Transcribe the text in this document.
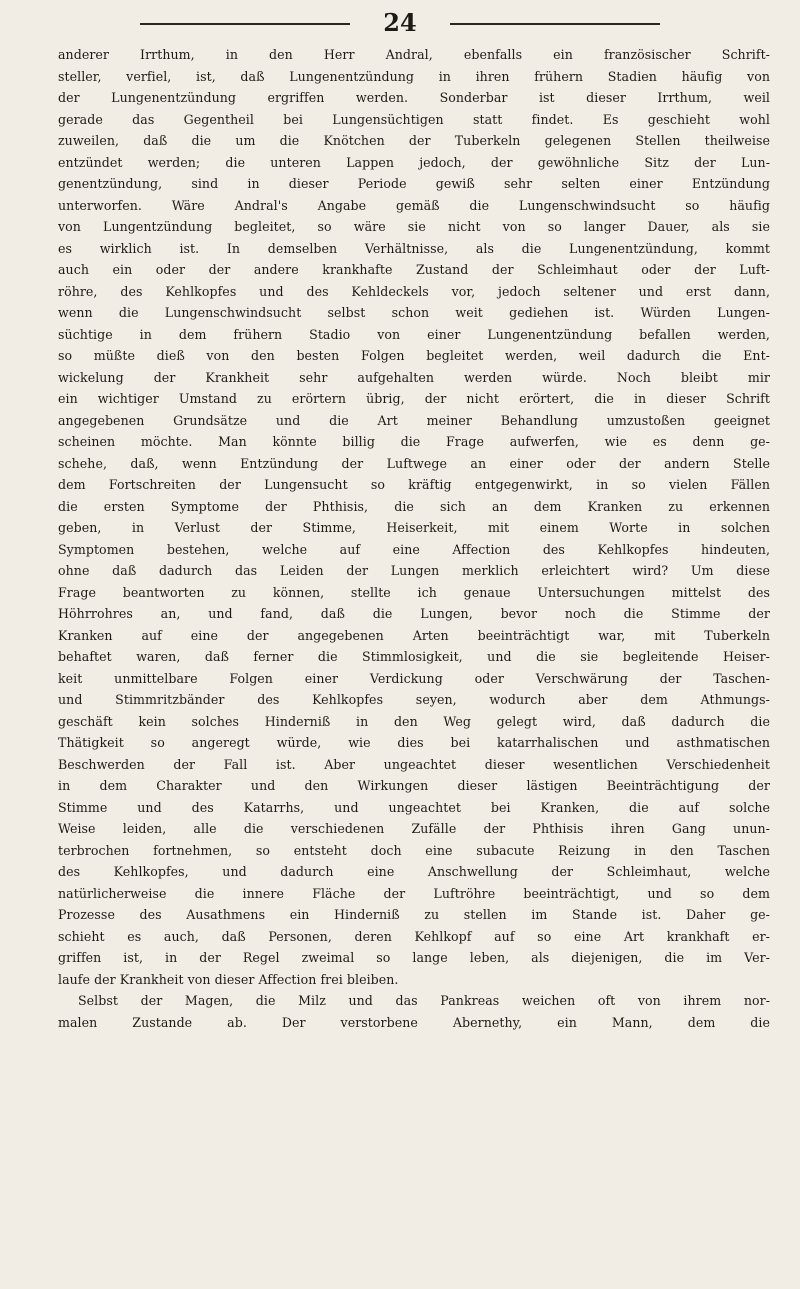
24
anderer Irrthum, in den Herr Andral, ebenfalls ein französischer Schrift-
steller, verfiel, ist, daß Lungenentzündung in ihren frühern Stadien häufig von
der Lungenentzündung ergriffen werden. Sonderbar ist dieser Irrthum, weil
gerade das Gegentheil bei Lungensüchtigen statt findet. Es geschieht wohl
zuweilen, daß die um die Knötchen der Tuberkeln gelegenen Stellen theilweise
entzündet werden; die unteren Lappen jedoch, der gewöhnliche Sitz der Lun-
genentzündung, sind in dieser Periode gewiß sehr selten einer Entzündung
unterworfen. Wäre Andral's Angabe gemäß die Lungenschwindsucht so häufig
von Lungentzündung begleitet, so wäre sie nicht von so langer Dauer, als sie
es wirklich ist. In demselben Verhältnisse, als die Lungenentzündung, kommt
auch ein oder der andere krankhafte Zustand der Schleimhaut oder der Luft-
röhre, des Kehlkopfes und des Kehldeckels vor, jedoch seltener und erst dann,
wenn die Lungenschwindsucht selbst schon weit gediehen ist. Würden Lungen-
süchtige in dem frühern Stadio von einer Lungenentzündung befallen werden,
so müßte dieß von den besten Folgen begleitet werden, weil dadurch die Ent-
wickelung der Krankheit sehr aufgehalten werden würde. Noch bleibt mir
ein wichtiger Umstand zu erörtern übrig, der nicht erörtert, die in dieser Schrift
angegebenen Grundsätze und die Art meiner Behandlung umzustoßen geeignet
scheinen möchte. Man könnte billig die Frage aufwerfen, wie es denn ge-
schehe, daß, wenn Entzündung der Luftwege an einer oder der andern Stelle
dem Fortschreiten der Lungensucht so kräftig entgegenwirkt, in so vielen Fällen
die ersten Symptome der Phthisis, die sich an dem Kranken zu erkennen
geben, in Verlust der Stimme, Heiserkeit, mit einem Worte in solchen
Symptomen bestehen, welche auf eine Affection des Kehlkopfes hindeuten,
ohne daß dadurch das Leiden der Lungen merklich erleichtert wird? Um diese
Frage beantworten zu können, stellte ich genaue Untersuchungen mittelst des
Höhrrohres an, und fand, daß die Lungen, bevor noch die Stimme der
Kranken auf eine der angegebenen Arten beeinträchtigt war, mit Tuberkeln
behaftet waren, daß ferner die Stimmlosigkeit, und die sie begleitende Heiser-
keit unmittelbare Folgen einer Verdickung oder Verschwärung der Taschen-
und Stimmritzbänder des Kehlkopfes seyen, wodurch aber dem Athmungs-
geschäft kein solches Hinderniß in den Weg gelegt wird, daß dadurch die
Thätigkeit so angeregt würde, wie dies bei katarrhalischen und asthmatischen
Beschwerden der Fall ist. Aber ungeachtet dieser wesentlichen Verschiedenheit
in dem Charakter und den Wirkungen dieser lästigen Beeinträchtigung der
Stimme und des Katarrhs, und ungeachtet bei Kranken, die auf solche
Weise leiden, alle die verschiedenen Zufälle der Phthisis ihren Gang unun-
terbrochen fortnehmen, so entsteht doch eine subacute Reizung in den Taschen
des Kehlkopfes, und dadurch eine Anschwellung der Schleimhaut, welche
natürlicherweise die innere Fläche der Luftröhre beeinträchtigt, und so dem
Prozesse des Ausathmens ein Hinderniß zu stellen im Stande ist. Daher ge-
schieht es auch, daß Personen, deren Kehlkopf auf so eine Art krankhaft er-
griffen ist, in der Regel zweimal so lange leben, als diejenigen, die im Ver-
laufe der Krankheit von dieser Affection frei bleiben.
Selbst der Magen, die Milz und das Pankreas weichen oft von ihrem nor-
malen Zustande ab. Der verstorbene Abernethy, ein Mann, dem die
